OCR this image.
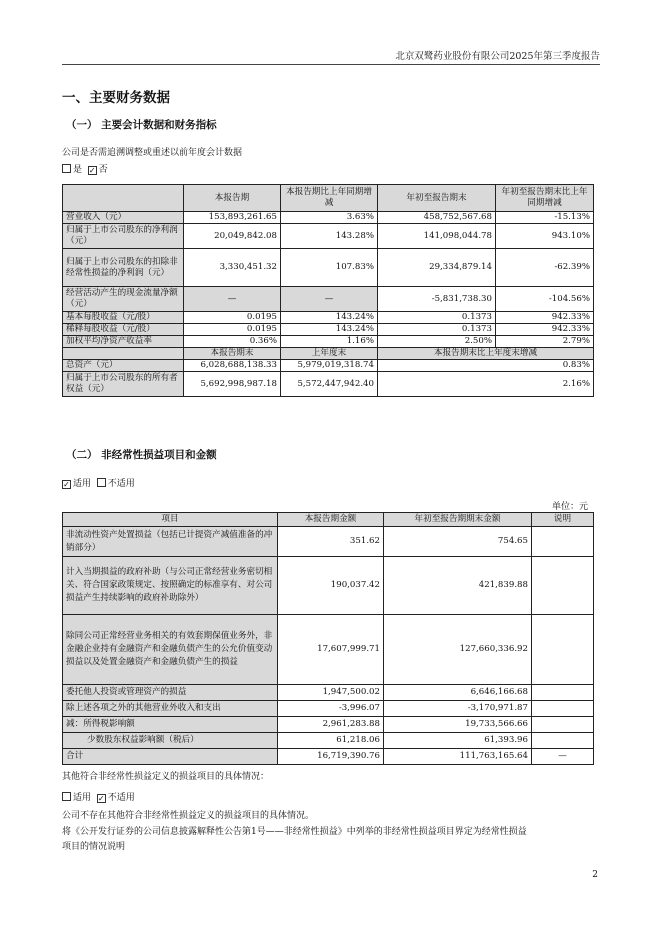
北京双鹭药业股份有限公司2025年第三季度报告
一、主要财务数据
（一） 主要会计数据和财务指标
公司是否需追溯调整或重述以前年度会计数据
是 ✓ 否
	本报告期	本报告期比上年同期增减	年初至报告期末	年初至报告期末比上年同期增减
营业收入（元）	153,893,261.65	3.63%	458,752,567.68	-15.13%
归属于上市公司股东的净利润（元）	20,049,842.08	143.28%	141,098,044.78	943.10%
归属于上市公司股东的扣除非经常性损益的净利润（元）	3,330,451.32	107.83%	29,334,879.14	-62.39%
经营活动产生的现金流量净额（元）	—	—	-5,831,738.30	-104.56%
基本每股收益（元/股）	0.0195	143.24%	0.1373	942.33%
稀释每股收益（元/股）	0.0195	143.24%	0.1373	942.33%
加权平均净资产收益率	0.36%	1.16%	2.50%	2.79%
	本报告期末	上年度末	本报告期末比上年度末增减	
总资产（元）	6,028,688,138.33	5,979,019,318.74	0.83%	
归属于上市公司股东的所有者权益（元）	5,692,998,987.18	5,572,447,942.40	2.16%	
（二） 非经常性损益项目和金额
✓ 适用 不适用
单位：元
项目	本报告期金额	年初至报告期期末金额	说明
非流动性资产处置损益（包括已计提资产减值准备的冲销部分）	351.62	754.65	
计入当期损益的政府补助（与公司正常经营业务密切相关、符合国家政策规定、按照确定的标准享有、对公司损益产生持续影响的政府补助除外）	190,037.42	421,839.88	
除同公司正常经营业务相关的有效套期保值业务外，非金融企业持有金融资产和金融负债产生的公允价值变动损益以及处置金融资产和金融负债产生的损益	17,607,999.71	127,660,336.92	
委托他人投资或管理资产的损益	1,947,500.02	6,646,166.68	
除上述各项之外的其他营业外收入和支出	-3,996.07	-3,170,971.87	
减：所得税影响额	2,961,283.88	19,733,566.66	
少数股东权益影响额（税后）	61,218.06	61,393.96	
合计	16,719,390.76	111,763,165.64	—
其他符合非经常性损益定义的损益项目的具体情况：
适用 ✓ 不适用
公司不存在其他符合非经常性损益定义的损益项目的具体情况。
将《公开发行证券的公司信息披露解释性公告第1号——非经常性损益》中列举的非经常性损益项目界定为经常性损益
项目的情况说明
2
